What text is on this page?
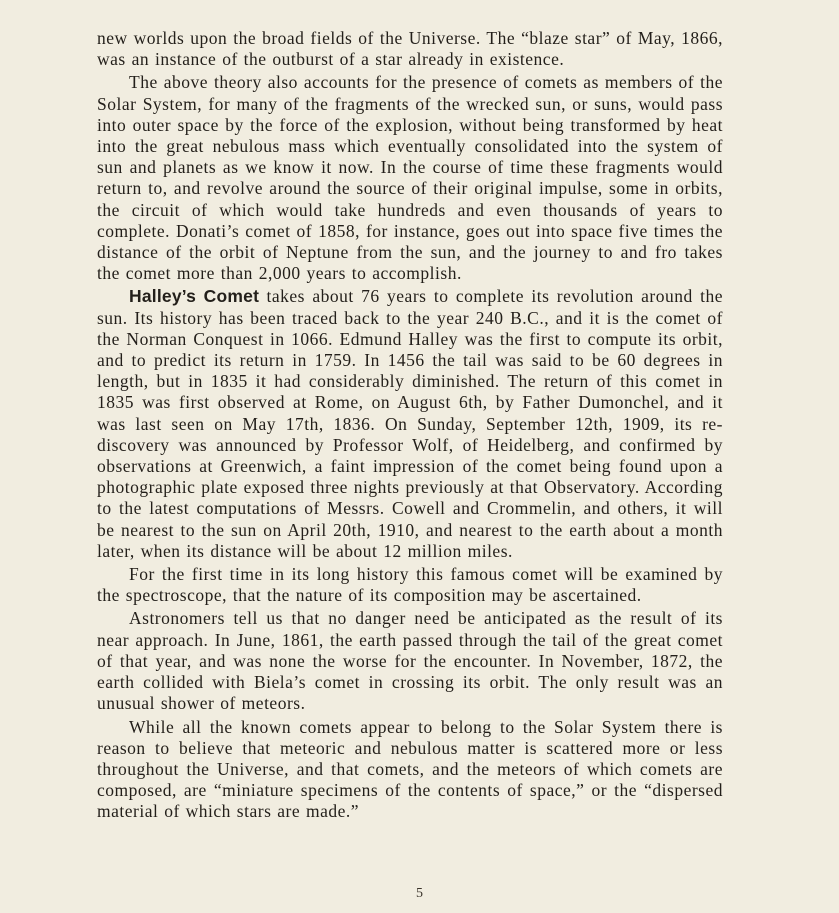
new worlds upon the broad fields of the Universe. The “blaze star” of May, 1866, was an instance of the outburst of a star already in existence.

The above theory also accounts for the presence of comets as members of the Solar System, for many of the fragments of the wrecked sun, or suns, would pass into outer space by the force of the explosion, without being transformed by heat into the great nebulous mass which eventually consolidated into the system of sun and planets as we know it now. In the course of time these fragments would return to, and revolve around the source of their original impulse, some in orbits, the circuit of which would take hundreds and even thousands of years to complete. Donati’s comet of 1858, for instance, goes out into space five times the distance of the orbit of Neptune from the sun, and the journey to and fro takes the comet more than 2,000 years to accomplish.

Halley’s Comet takes about 76 years to complete its revolution around the sun. Its history has been traced back to the year 240 B.C., and it is the comet of the Norman Conquest in 1066. Edmund Halley was the first to compute its orbit, and to predict its return in 1759. In 1456 the tail was said to be 60 degrees in length, but in 1835 it had considerably diminished. The return of this comet in 1835 was first observed at Rome, on August 6th, by Father Dumonchel, and it was last seen on May 17th, 1836. On Sunday, September 12th, 1909, its re-discovery was announced by Professor Wolf, of Heidelberg, and confirmed by observations at Greenwich, a faint impression of the comet being found upon a photographic plate exposed three nights previously at that Observatory. According to the latest computations of Messrs. Cowell and Crommelin, and others, it will be nearest to the sun on April 20th, 1910, and nearest to the earth about a month later, when its distance will be about 12 million miles.

For the first time in its long history this famous comet will be examined by the spectroscope, that the nature of its composition may be ascertained.

Astronomers tell us that no danger need be anticipated as the result of its near approach. In June, 1861, the earth passed through the tail of the great comet of that year, and was none the worse for the encounter. In November, 1872, the earth collided with Biela’s comet in crossing its orbit. The only result was an unusual shower of meteors.

While all the known comets appear to belong to the Solar System there is reason to believe that meteoric and nebulous matter is scattered more or less throughout the Universe, and that comets, and the meteors of which comets are composed, are “miniature specimens of the contents of space,” or the “dispersed material of which stars are made.”

5
